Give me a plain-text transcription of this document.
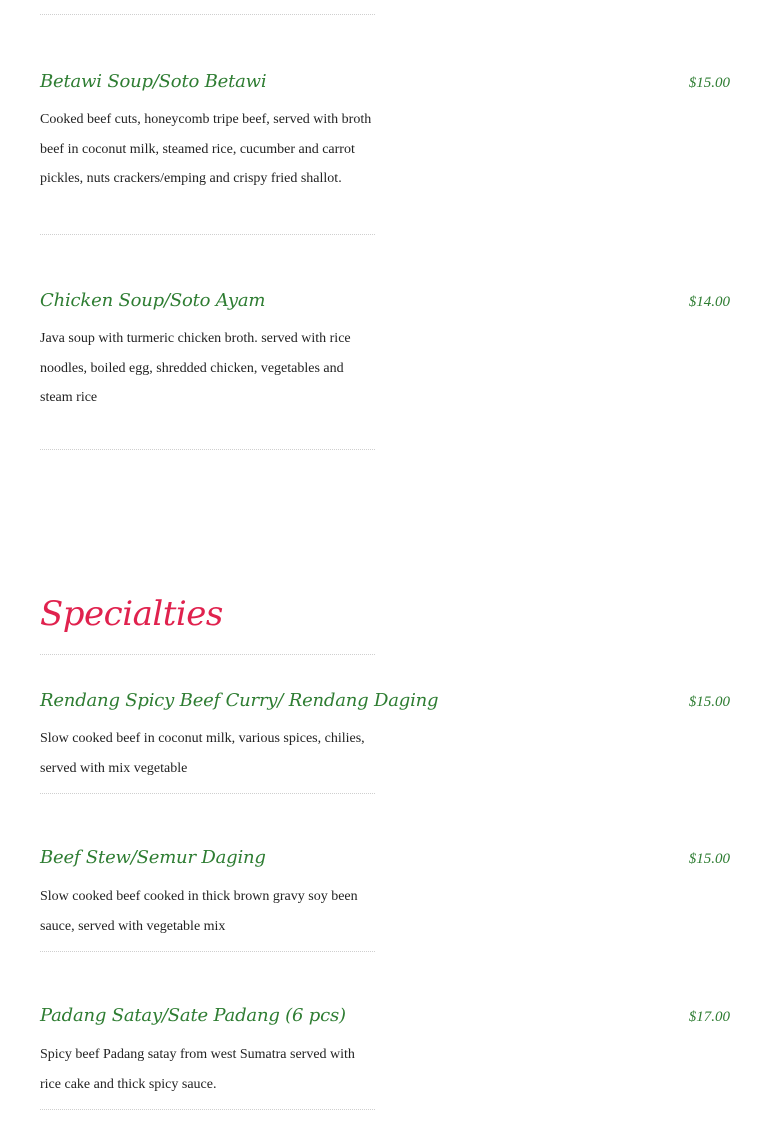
Betawi Soup/Soto Betawi	$15.00
Cooked beef cuts, honeycomb tripe beef, served with broth beef in coconut milk, steamed rice, cucumber and carrot pickles, nuts crackers/emping and crispy fried shallot.
Chicken Soup/Soto Ayam	$14.00
Java soup with turmeric chicken broth. served with rice noodles, boiled egg, shredded chicken, vegetables and steam rice
Specialties
Rendang Spicy Beef Curry/ Rendang Daging	$15.00
Slow cooked beef in coconut milk, various spices, chilies, served with mix vegetable
Beef Stew/Semur Daging	$15.00
Slow cooked beef cooked in thick brown gravy soy been sauce, served with vegetable mix
Padang Satay/Sate Padang (6 pcs)	$17.00
Spicy beef Padang satay from west Sumatra served with rice cake and thick spicy sauce.
